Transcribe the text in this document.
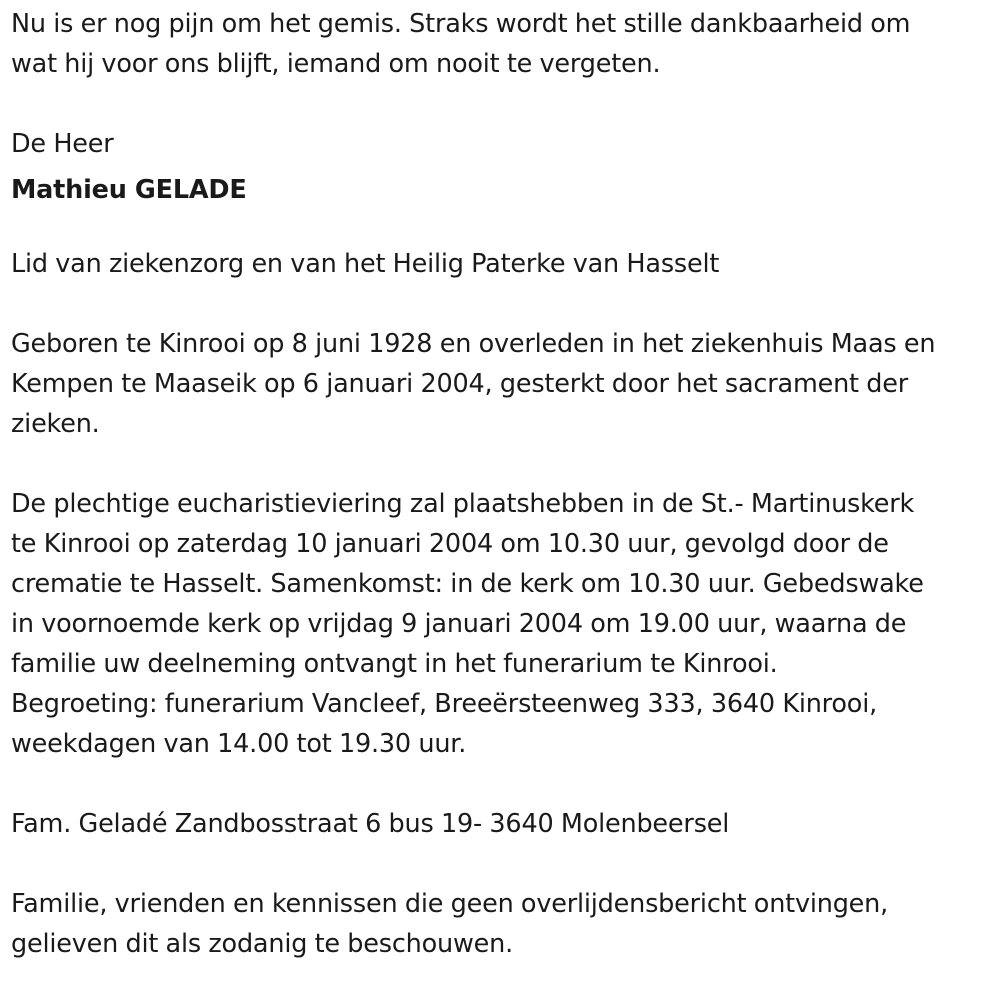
Nu is er nog pijn om het gemis. Straks wordt het stille dankbaarheid om
wat hij voor ons blijft, iemand om nooit te vergeten.

De Heer

Mathieu GELADE

Lid van ziekenzorg en van het Heilig Paterke van Hasselt

Geboren te Kinrooi op 8 juni 1928 en overleden in het ziekenhuis Maas en
Kempen te Maaseik op 6 januari 2004, gesterkt door het sacrament der
zieken.

De plechtige eucharistieviering zal plaatshebben in de St.- Martinuskerk
te Kinrooi op zaterdag 10 januari 2004 om 10.30 uur, gevolgd door de
crematie te Hasselt. Samenkomst: in de kerk om 10.30 uur. Gebedswake
in voornoemde kerk op vrijdag 9 januari 2004 om 19.00 uur, waarna de
familie uw deelneming ontvangt in het funerarium te Kinrooi.
Begroeting: funerarium Vancleef, Breeërsteenweg 333, 3640 Kinrooi,
weekdagen van 14.00 tot 19.30 uur.

Fam. Geladé Zandbosstraat 6 bus 19- 3640 Molenbeersel

Familie, vrienden en kennissen die geen overlijdensbericht ontvingen,
gelieven dit als zodanig te beschouwen.
